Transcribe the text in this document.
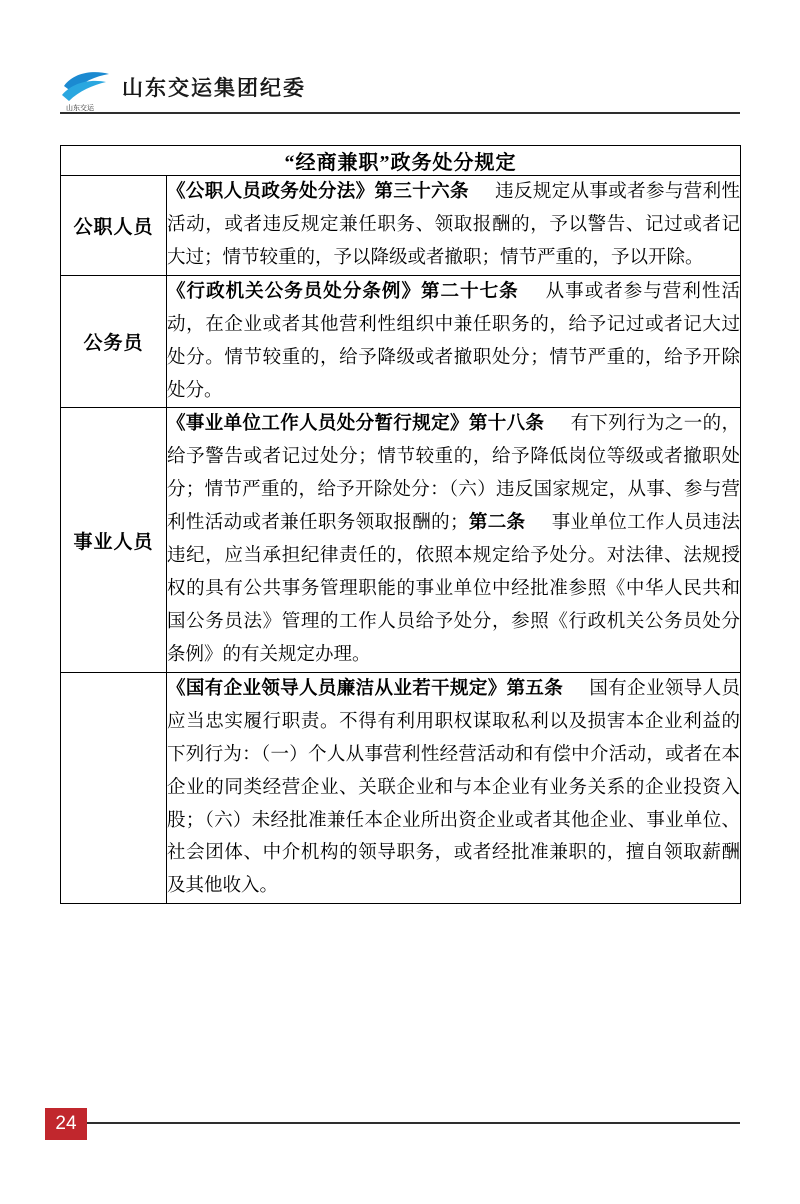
山东交运
山东交运集团纪委
“经商兼职”政务处分规定	
公职人员	《公职人员政务处分法》第三十六条 违反规定从事或者参与营利性活动，或者违反规定兼任职务、领取报酬的，予以警告、记过或者记大过；情节较重的，予以降级或者撤职；情节严重的，予以开除。

公务员	《行政机关公务员处分条例》第二十七条 从事或者参与营利性活动，在企业或者其他营利性组织中兼任职务的，给予记过或者记大过处分。情节较重的，给予降级或者撤职处分；情节严重的，给予开除处分。

事业人员	《事业单位工作人员处分暂行规定》第十八条 有下列行为之一的，给予警告或者记过处分；情节较重的，给予降低岗位等级或者撤职处分；情节严重的，给予开除处分：（六）违反国家规定，从事、参与营利性活动或者兼任职务领取报酬的；第二条 事业单位工作人员违法违纪，应当承担纪律责任的，依照本规定给予处分。对法律、法规授权的具有公共事务管理职能的事业单位中经批准参照《中华人民共和国公务员法》管理的工作人员给予处分，参照《行政机关公务员处分条例》的有关规定办理。

	《国有企业领导人员廉洁从业若干规定》第五条 国有企业领导人员应当忠实履行职责。不得有利用职权谋取私利以及损害本企业利益的下列行为：（一）个人从事营利性经营活动和有偿中介活动，或者在本企业的同类经营企业、关联企业和与本企业有业务关系的企业投资入股；（六）未经批准兼任本企业所出资企业或者其他企业、事业单位、社会团体、中介机构的领导职务，或者经批准兼职的，擅自领取薪酬及其他收入。

24
